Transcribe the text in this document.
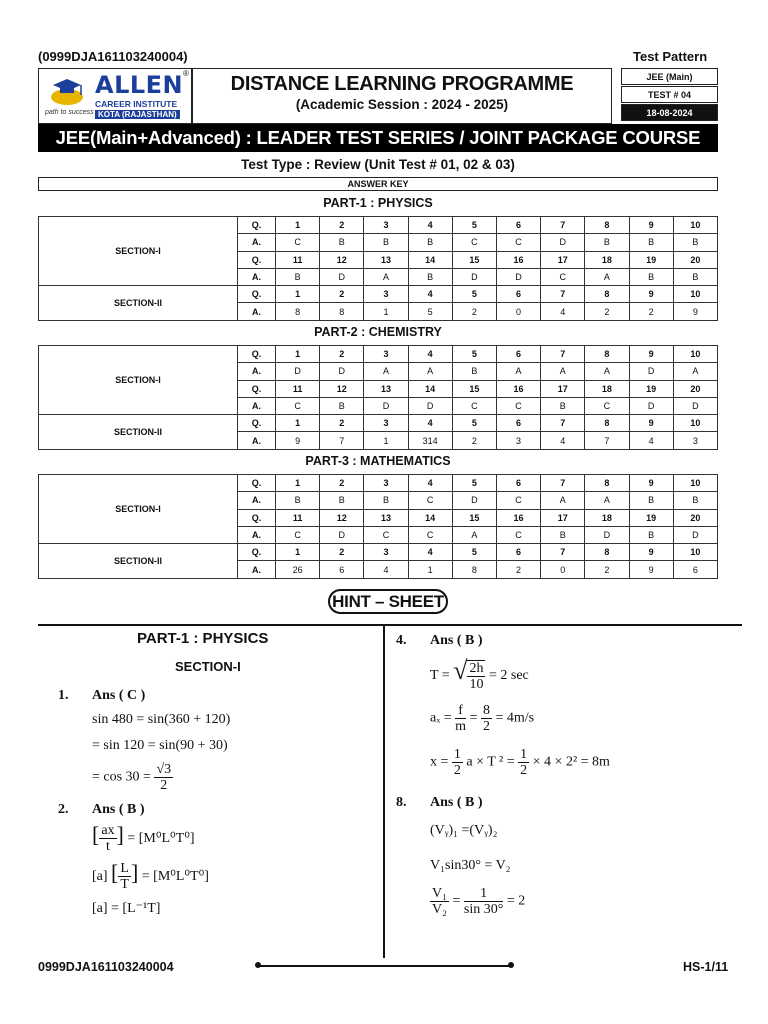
(0999DJA161103240004)	Test Pattern
ALLEN ®
CAREER INSTITUTE
KOTA (RAJASTHAN)
path to success
DISTANCE LEARNING PROGRAMME
(Academic Session : 2024 - 2025)
JEE (Main)
TEST # 04
18-08-2024
JEE(Main+Advanced) : LEADER TEST SERIES / JOINT PACKAGE COURSE
Test Type : Review (Unit Test # 01, 02 & 03)
ANSWER KEY
PART-1 : PHYSICS
SECTION-I	Q.	1	2	3	4	5	6	7	8	9	10
	A.	C	B	B	B	C	C	D	B	B	B
	Q.	11	12	13	14	15	16	17	18	19	20
	A.	B	D	A	B	D	D	C	A	B	B
SECTION-II	Q.	1	2	3	4	5	6	7	8	9	10
	A.	8	8	1	5	2	0	4	2	2	9
PART-2 : CHEMISTRY
SECTION-I	Q.	1	2	3	4	5	6	7	8	9	10
	A.	D	D	A	A	B	A	A	A	D	A
	Q.	11	12	13	14	15	16	17	18	19	20
	A.	C	B	D	D	C	C	B	C	D	D
SECTION-II	Q.	1	2	3	4	5	6	7	8	9	10
	A.	9	7	1	314	2	3	4	7	4	3
PART-3 : MATHEMATICS
SECTION-I	Q.	1	2	3	4	5	6	7	8	9	10
	A.	B	B	B	C	D	C	A	A	B	B
	Q.	11	12	13	14	15	16	17	18	19	20
	A.	C	D	C	C	A	C	B	D	B	D
SECTION-II	Q.	1	2	3	4	5	6	7	8	9	10
	A.	26	6	4	1	8	2	0	2	9	6
HINT – SHEET
PART-1 : PHYSICS
SECTION-I
1. Ans ( C )
sin 480 = sin(360 + 120)
= sin 120 = sin(90 + 30)
= $\cos 30 = \frac{√3}{2}$
2. Ans ( B )
[ $\frac{ax}{t}$ ] = [M⁰L⁰T⁰]
[a] [ $\frac{L}{T}$ ] = [M⁰L⁰T⁰]
[a] = [L⁻¹T]
4. Ans ( B )
T = √ $\frac{2h}{10} = 2$ sec
$a_x = \frac{f}{m} = \frac{8}{2} = 4m/s$
$x = \frac{1}{2}$ a × T $^2 = \frac{1}{2} \times 4 \times 2^2 = 8m$
8. Ans ( B )
(Vᵧ)₁ =(Vᵧ)₂
V₁sin30° = V₂
$\frac{\text{V₁}}{\text{V₂}} = \frac{1}{\sin 30^\circ} = 2$
0999DJA161103240004	HS-1/11
